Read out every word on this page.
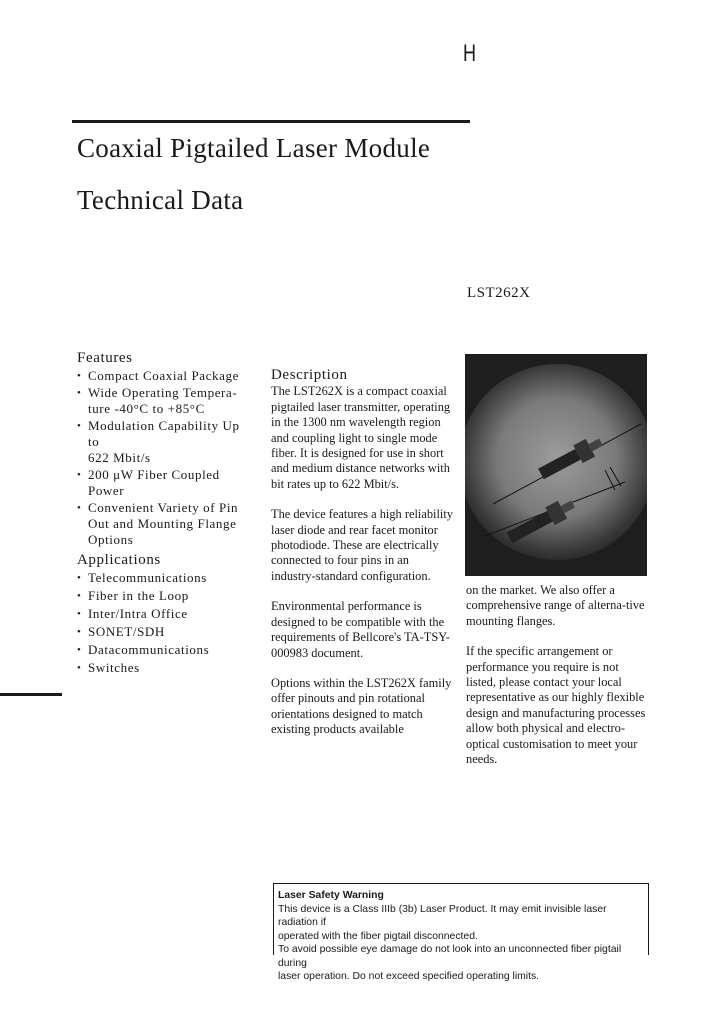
H
Coaxial Pigtailed Laser Module
Technical Data
LST262X
Features
• Compact Coaxial Package
• Wide Operating Tempera-
ture -40°C to +85°C
• Modulation Capability Up to
622 Mbit/s
• 200 μW Fiber Coupled
Power
• Convenient Variety of Pin
Out and Mounting Flange
Options
Applications
• Telecommunications
• Fiber in the Loop
• Inter/Intra Office
• SONET/SDH
• Datacommunications
• Switches
Description

The LST262X is a compact coaxial pigtailed laser transmitter, operating in the 1300 nm wavelength region and coupling light to single mode fiber. It is designed for use in short and medium distance networks with bit rates up to 622 Mbit/s.

The device features a high reliability laser diode and rear facet monitor photodiode. These are electrically connected to four pins in an industry-standard configuration.

Environmental performance is designed to be compatible with the requirements of Bellcore's TA-TSY-000983 document.

Options within the LST262X family offer pinouts and pin rotational orientations designed to match existing products available

on the market. We also offer a comprehensive range of alterna-tive mounting flanges.

If the specific arrangement or performance you require is not listed, please contact your local representative as our highly flexible design and manufacturing processes allow both physical and electro-optical customisation to meet your needs.

Laser Safety Warning
This device is a Class IIIb (3b) Laser Product. It may emit invisible laser radiation if
operated with the fiber pigtail disconnected.
To avoid possible eye damage do not look into an unconnected fiber pigtail during
laser operation. Do not exceed specified operating limits.
